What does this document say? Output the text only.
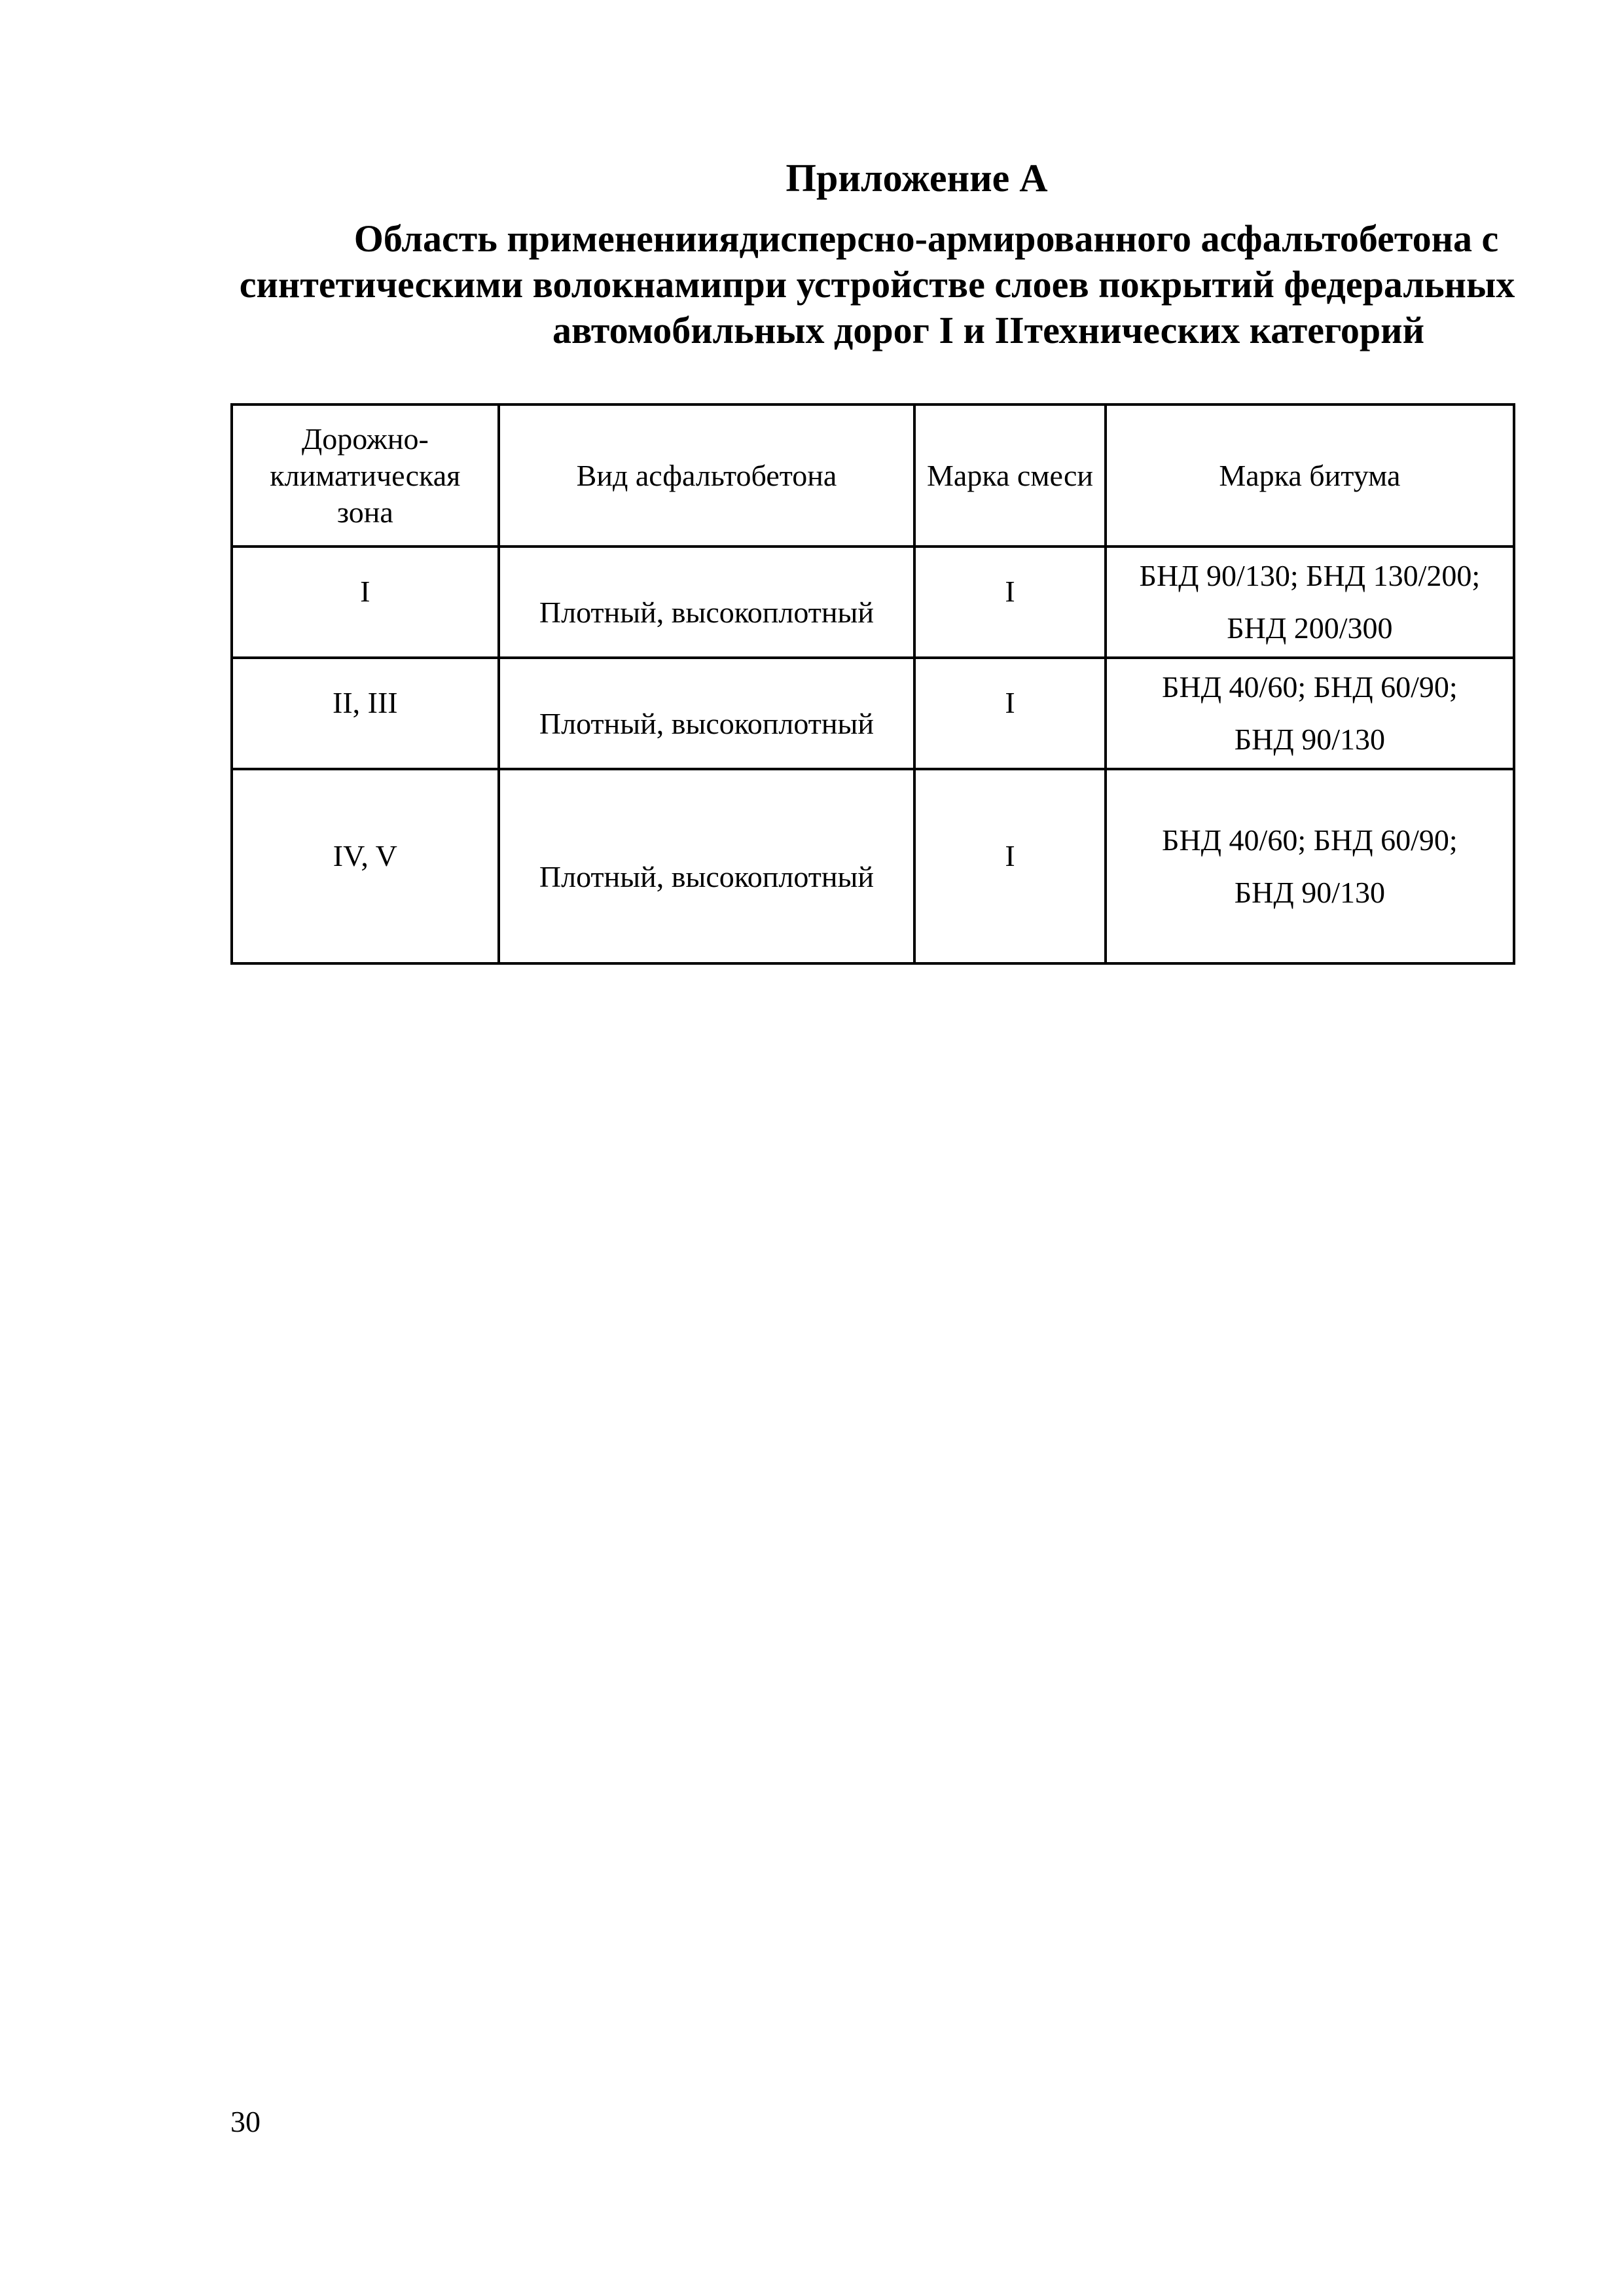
Приложение А
Область примененииядисперсно-армированного асфальтобетона с
синтетическими волокнамипри устройстве слоев покрытий федеральных
автомобильных дорог I и IIтехнических категорий
Дорожно-
климатическая
зона	Вид асфальтобетона	Марка смеси	Марка битума
I	Плотный, высокоплотный	I	БНД 90/130; БНД 130/200;
БНД 200/300

II, III	Плотный, высокоплотный	I	БНД 40/60; БНД 60/90;
БНД 90/130

IV, V	Плотный, высокоплотный	I	БНД 40/60; БНД 60/90;
БНД 90/130
30
